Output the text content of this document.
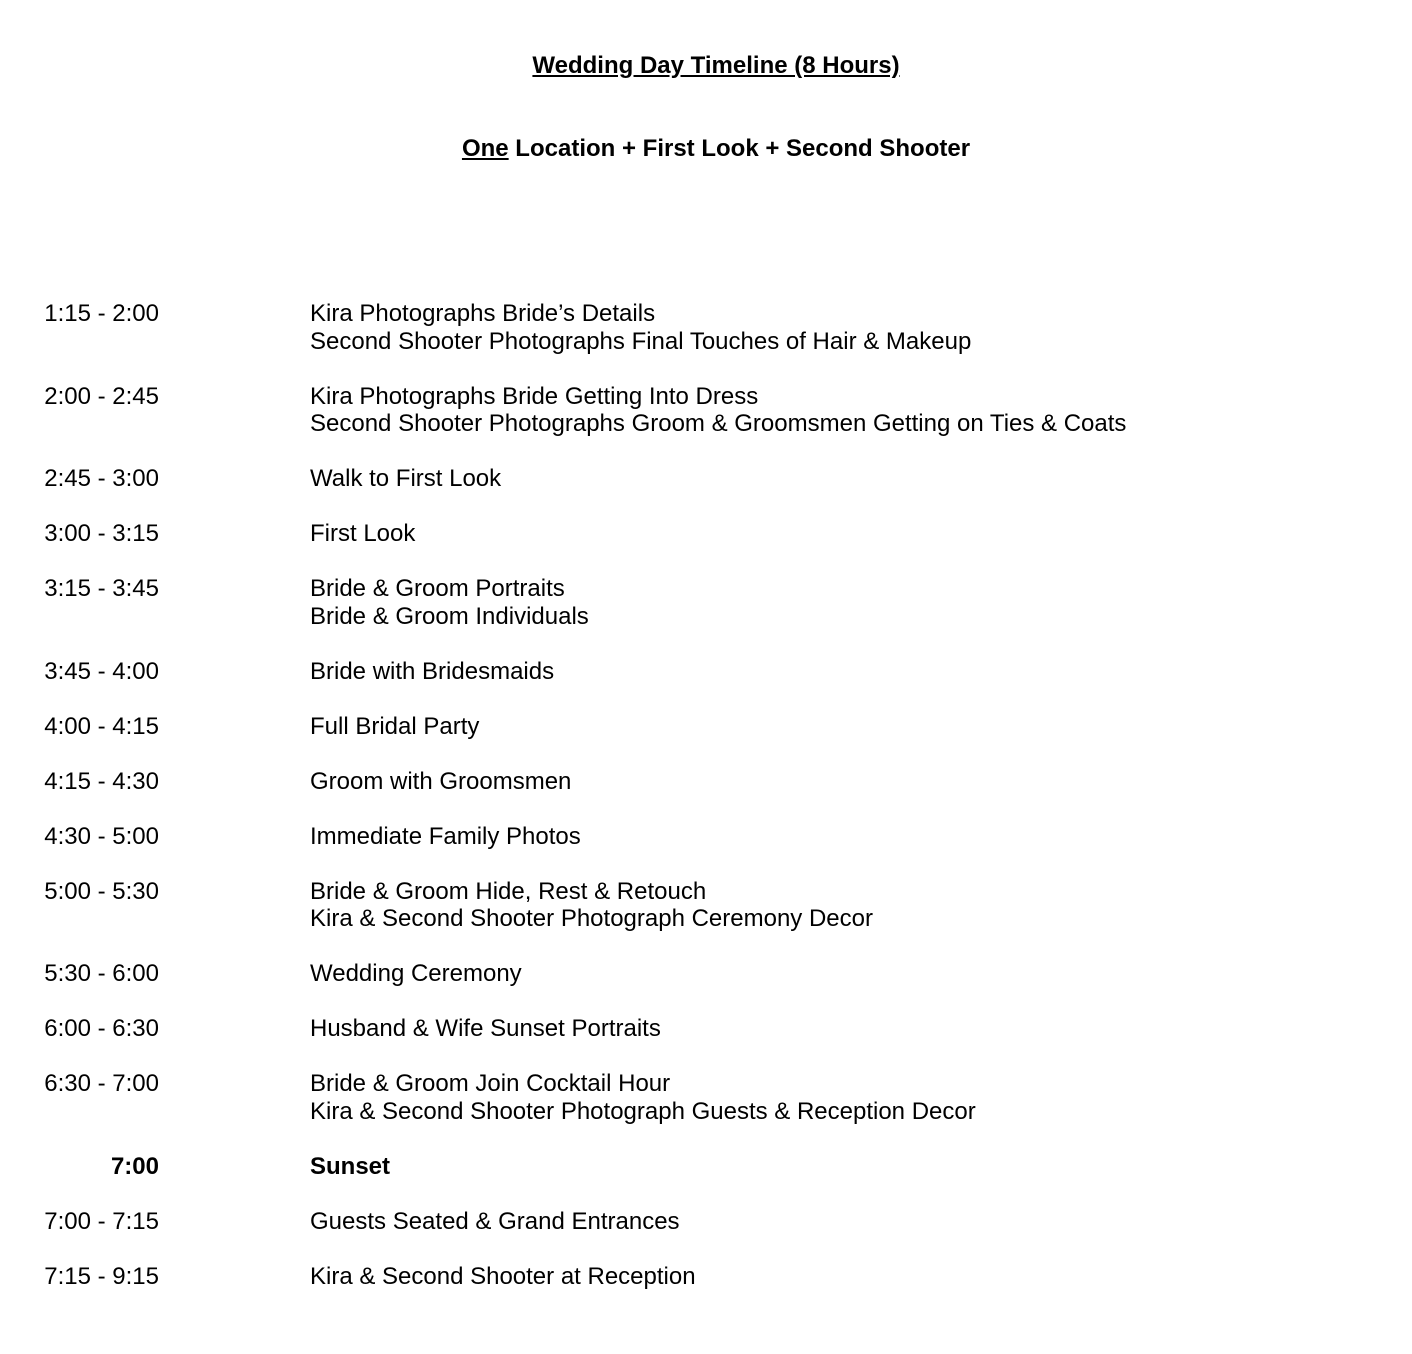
Wedding Day Timeline (8 Hours)
One Location + First Look + Second Shooter
1:15 - 2:00	Kira Photographs Bride’s Details
Second Shooter Photographs Final Touches of Hair & Makeup
2:00 - 2:45	Kira Photographs Bride Getting Into Dress
Second Shooter Photographs Groom & Groomsmen Getting on Ties & Coats
2:45 - 3:00	Walk to First Look
3:00 - 3:15	First Look
3:15 - 3:45	Bride & Groom Portraits
Bride & Groom Individuals
3:45 - 4:00	Bride with Bridesmaids
4:00 - 4:15	Full Bridal Party
4:15 - 4:30	Groom with Groomsmen
4:30 - 5:00	Immediate Family Photos
5:00 - 5:30	Bride & Groom Hide, Rest & Retouch
Kira & Second Shooter Photograph Ceremony Decor
5:30 - 6:00	Wedding Ceremony
6:00 - 6:30	Husband & Wife Sunset Portraits
6:30 - 7:00	Bride & Groom Join Cocktail Hour
Kira & Second Shooter Photograph Guests & Reception Decor
7:00	Sunset
7:00 - 7:15	Guests Seated & Grand Entrances
7:15 - 9:15	Kira & Second Shooter at Reception
